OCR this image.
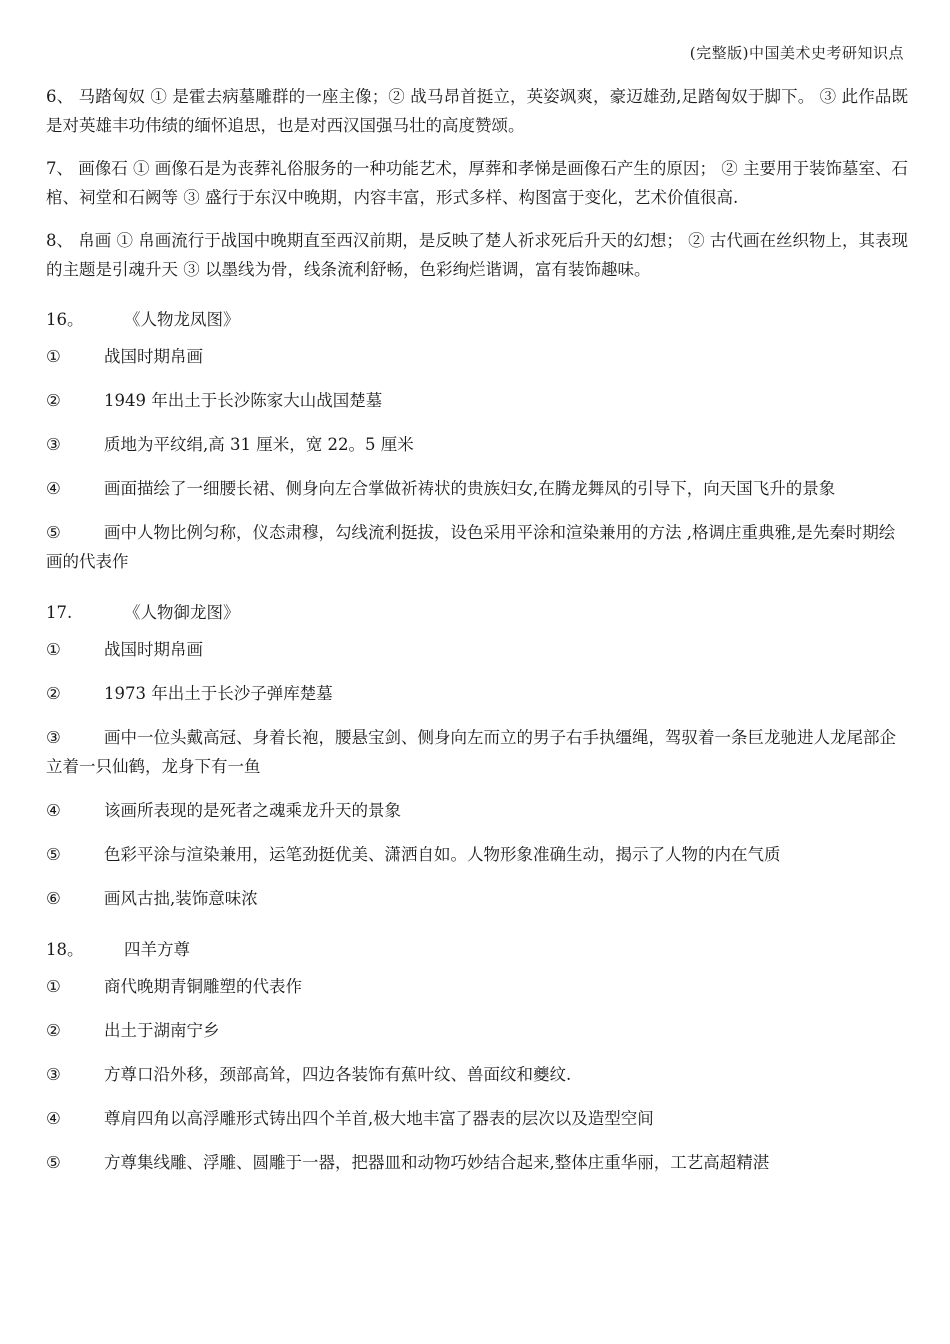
(完整版)中国美术史考研知识点

6、 马踏匈奴 ① 是霍去病墓雕群的一座主像；② 战马昂首挺立，英姿飒爽，豪迈雄劲,足踏匈奴于脚下。 ③ 此作品既是对英雄丰功伟绩的缅怀追思，也是对西汉国强马壮的高度赞颂。

7、 画像石 ① 画像石是为丧葬礼俗服务的一种功能艺术，厚葬和孝悌是画像石产生的原因； ② 主要用于装饰墓室、石棺、祠堂和石阙等 ③ 盛行于东汉中晚期，内容丰富，形式多样、构图富于变化，艺术价值很高.

8、 帛画 ① 帛画流行于战国中晚期直至西汉前期，是反映了楚人祈求死后升天的幻想； ② 古代画在丝织物上，其表现的主题是引魂升天 ③ 以墨线为骨，线条流利舒畅，色彩绚烂谐调，富有装饰趣味。

16。 《人物龙凤图》
①	战国时期帛画
②	1949 年出土于长沙陈家大山战国楚墓
③	质地为平纹绢,高 31 厘米，宽 22。5 厘米
④	画面描绘了一细腰长裙、侧身向左合掌做祈祷状的贵族妇女,在腾龙舞凤的引导下，向天国飞升的景象
⑤	画中人物比例匀称，仪态肃穆，勾线流利挺拔，设色采用平涂和渲染兼用的方法 ,格调庄重典雅,是先秦时期绘画的代表作
17.	《人物御龙图》
①	战国时期帛画
②	1973 年出土于长沙子弹库楚墓
③	画中一位头戴高冠、身着长袍，腰悬宝剑、侧身向左而立的男子右手执缰绳，驾驭着一条巨龙驰进人龙尾部企立着一只仙鹤，龙身下有一鱼
④	该画所表现的是死者之魂乘龙升天的景象
⑤	色彩平涂与渲染兼用，运笔劲挺优美、潇洒自如。人物形象准确生动，揭示了人物的内在气质
⑥	画风古拙,装饰意味浓
18。 四羊方尊
①	商代晚期青铜雕塑的代表作
②	出土于湖南宁乡
③	方尊口沿外移，颈部高耸，四边各装饰有蕉叶纹、兽面纹和夔纹.
④	尊肩四角以高浮雕形式铸出四个羊首,极大地丰富了器表的层次以及造型空间
⑤	方尊集线雕、浮雕、圆雕于一器，把器皿和动物巧妙结合起来,整体庄重华丽，工艺高超精湛
